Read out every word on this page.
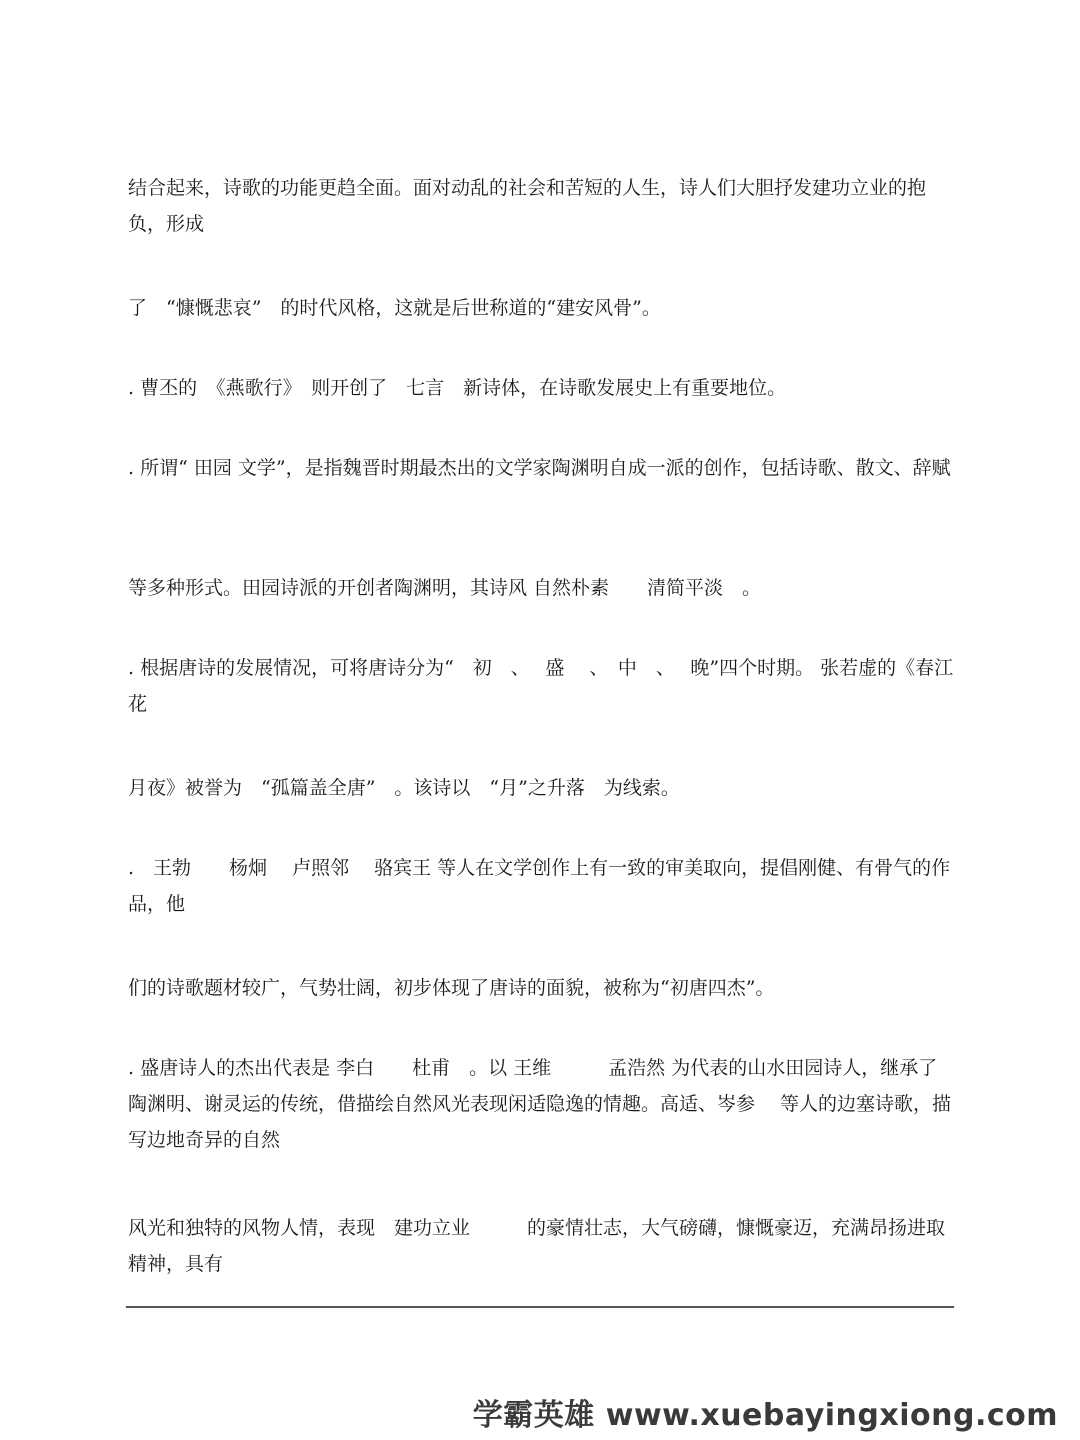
结合起来，诗歌的功能更趋全面。面对动乱的社会和苦短的人生，诗人们大胆抒发建功立业的抱负，形成

了　“慷慨悲哀”　的时代风格，这就是后世称道的“建安风骨”。

. 曹丕的　《燕歌行》　则开创了　七言　新诗体，在诗歌发展史上有重要地位。

. 所谓“ 田园 文学”，是指魏晋时期最杰出的文学家陶渊明自成一派的创作，包括诗歌、散文、辞赋

等多种形式。田园诗派的开创者陶渊明，其诗风 自然朴素　　清简平淡　。

. 根据唐诗的发展情况，可将唐诗分为“　初　、　 盛　 、　中　、　 晚”四个时期。 张若虚的《春江花

月夜》被誉为　“孤篇盖全唐”　。该诗以　“月”之升落　为线索。

.　王勃　　杨炯　 卢照邻　 骆宾王 等人在文学创作上有一致的审美取向，提倡刚健、有骨气的作品，他

们的诗歌题材较广，气势壮阔，初步体现了唐诗的面貌，被称为“初唐四杰”。

. 盛唐诗人的杰出代表是 李白　　杜甫　。以 王维　　　孟浩然 为代表的山水田园诗人，继承了陶渊明、谢灵运的传统，借描绘自然风光表现闲适隐逸的情趣。高适、岑参　 等人的边塞诗歌，描写边地奇异的自然

风光和独特的风物人情，表现　建功立业　　　的豪情壮志，大气磅礴，慷慨豪迈，充满昂扬进取精神，具有

学霸英雄 www.xuebayingxiong.com
